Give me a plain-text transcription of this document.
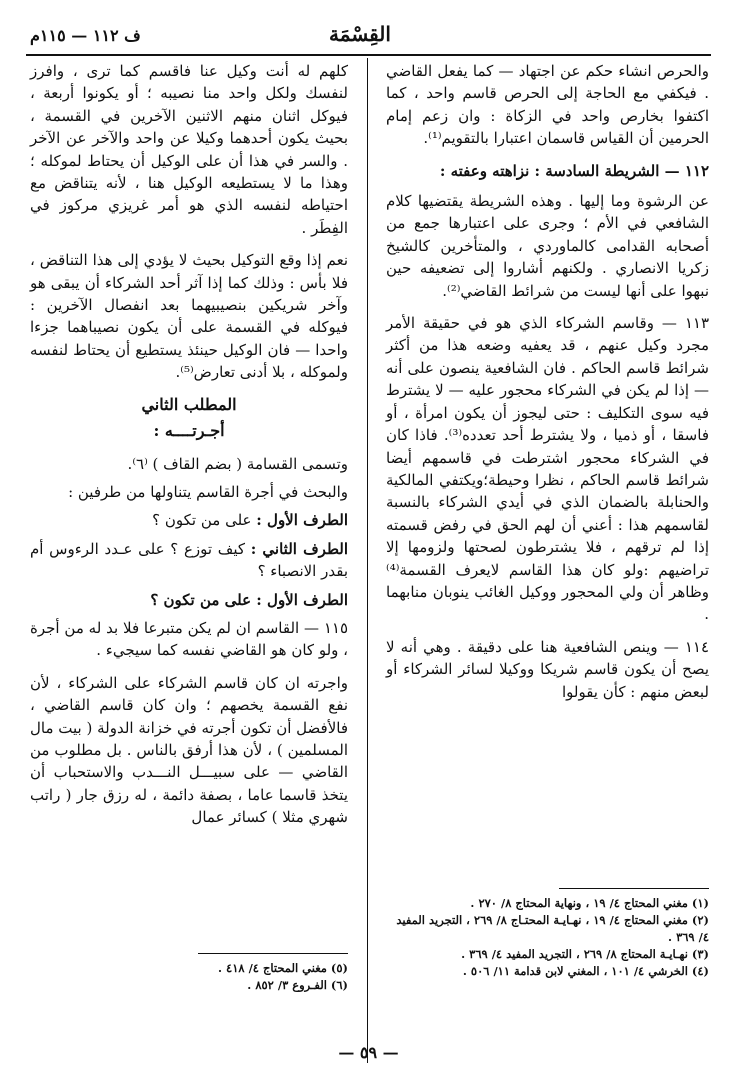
ف ١١٢ — ١١٥م	القِسْمَة

والحرص انشاء حكم عن اجتهاد — كما يفعل القاضي . فيكفي مع الحاجة إلى الحرص قاسم واحد ، كما اكتفوا بخارص واحد في الزكاة : وان زعم إمام الحرمين أن القياس قاسمان اعتبارا بالتقويم⁽¹⁾.

١١٢ — الشريطة السادسة : نزاهته وعفته :

عن الرشوة وما إليها . وهذه الشريطة يقتضيها كلام الشافعي في الأم ؛ وجرى على اعتبارها جمع من أصحابه القدامى كالماوردي ، والمتأخرين كالشيخ زكريا الانصاري . ولكنهم أشاروا إلى تضعيفه حين نبهوا على أنها ليست من شرائط القاضي⁽²⁾.

١١٣ — وقاسم الشركاء الذي هو في حقيقة الأمر مجرد وكيل عنهم ، قد يعفيه وضعه هذا من أكثر شرائط قاسم الحاكم . فان الشافعية ينصون على أنه — إذا لم يكن في الشركاء محجور عليه — لا يشترط فيه سوى التكليف : حتى ليجوز أن يكون امرأة ، أو فاسقا ، أو ذميا ، ولا يشترط أحد تعدده⁽³⁾. فاذا كان في الشركاء محجور اشترطت في قاسمهم أيضا شرائط قاسم الحاكم ، نظرا وحيطة؛ويكتفي المالكية والحنابلة بالضمان الذي في أيدي الشركاء بالنسبة لقاسمهم هذا : أعني أن لهم الحق في رفض قسمته إذا لم ترقهم ، فلا يشترطون لصحتها ولزومها إلا تراضيهم :ولو كان هذا القاسم لايعرف القسمة⁽⁴⁾ وظاهر أن ولي المحجور ووكيل الغائب ينوبان منابهما .

١١٤ — وينص الشافعية هنا على دقيقة . وهي أنه لا يصح أن يكون قاسم شريكا ووكيلا لسائر الشركاء أو لبعض منهم : كأن يقولوا

(١) مغني المحتاج ٤/ ١٩ ، ونهاية المحتاج ٨/ ٢٧٠ .

(٢) مغني المحتاج ٤/ ١٩ ، نهـايـة المحتـاج ٨/ ٢٦٩ ، التجريد المفيد ٤/ ٣٦٩ .

(٣) نهـايـة المحتاج ٨/ ٢٦٩ ، التجريد المفيد ٤/ ٣٦٩ .

(٤) الخرشي ٤/ ١٠١ ، المغني لابن قدامة ١١/ ٥٠٦ .

كلهم له أنت وكيل عنا فاقسم كما ترى ، وافرز لنفسك ولكل واحد منا نصيبه ؛ أو يكونوا أربعة ، فيوكل اثنان منهم الاثنين الآخرين في القسمة ، بحيث يكون أحدهما وكيلا عن واحد والآخر عن الآخر . والسر في هذا أن على الوكيل أن يحتاط لموكله ؛ وهذا ما لا يستطيعه الوكيل هنا ، لأنه يتناقض مع احتياطه لنفسه الذي هو أمر غريزي مركوز في الفِطَر .

نعم إذا وقع التوكيل بحيث لا يؤدي إلى هذا التناقض ، فلا بأس : وذلك كما إذا آثر أحد الشركاء أن يبقى هو وآخر شريكين بنصيبيهما بعد انفصال الآخرين : فيوكله في القسمة على أن يكون نصيباهما جزءا واحدا — فان الوكيل حينئذ يستطيع أن يحتاط لنفسه ولموكله ، بلا أدنى تعارض⁽⁵⁾.

المطلب الثاني

أجـرتــــه :

وتسمى القسامة ( بضم القاف ) ⁽٦⁾.

والبحث في أجرة القاسم يتناولها من طرفين :

الطرف الأول : على من تكون ؟

الطرف الثاني : كيف توزع ؟ على عـدد الرءوس أم بقدر الانصباء ؟

الطرف الأول : على من تكون ؟

١١٥ — القاسم ان لم يكن متبرعا فلا بد له من أجرة ، ولو كان هو القاضي نفسه كما سيجيء .

واجرته ان كان قاسم الشركاء على الشركاء ، لأن نفع القسمة يخصهم ؛ وان كان قاسم القاضي ، فالأفضل أن تكون أجرته في خزانة الدولة ( بيت مال المسلمين ) ، لأن هذا أرفق بالناس . بل مطلوب من القاضي — على سبيـــل النـــدب والاستحباب أن يتخذ قاسما عاما ، بصفة دائمة ، له رزق جار ( راتب شهري مثلا ) كسائر عمال

(٥) مغني المحتاج ٤/ ٤١٨ .

(٦) الفـروع ٣/ ٨٥٢ .

— ٥٩ —
